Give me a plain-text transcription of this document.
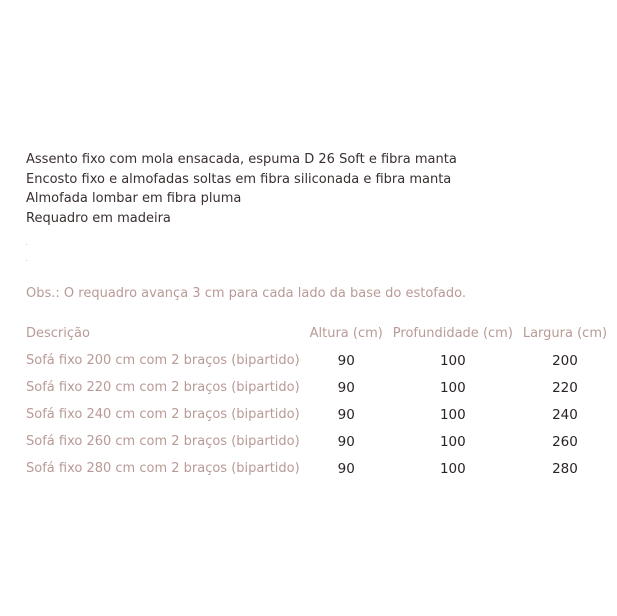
Assento fixo com mola ensacada, espuma D 26 Soft e fibra manta
Encosto fixo e almofadas soltas em fibra siliconada e fibra manta
Almofada lombar em fibra pluma
Requadro em madeira
Obs.: O requadro avança 3 cm para cada lado da base do estofado.
Descrição	Altura (cm)	Profundidade (cm)	Largura (cm)
Sofá fixo 200 cm com 2 braços (bipartido)	90	100	200
Sofá fixo 220 cm com 2 braços (bipartido)	90	100	220
Sofá fixo 240 cm com 2 braços (bipartido)	90	100	240
Sofá fixo 260 cm com 2 braços (bipartido)	90	100	260
Sofá fixo 280 cm com 2 braços (bipartido)	90	100	280
